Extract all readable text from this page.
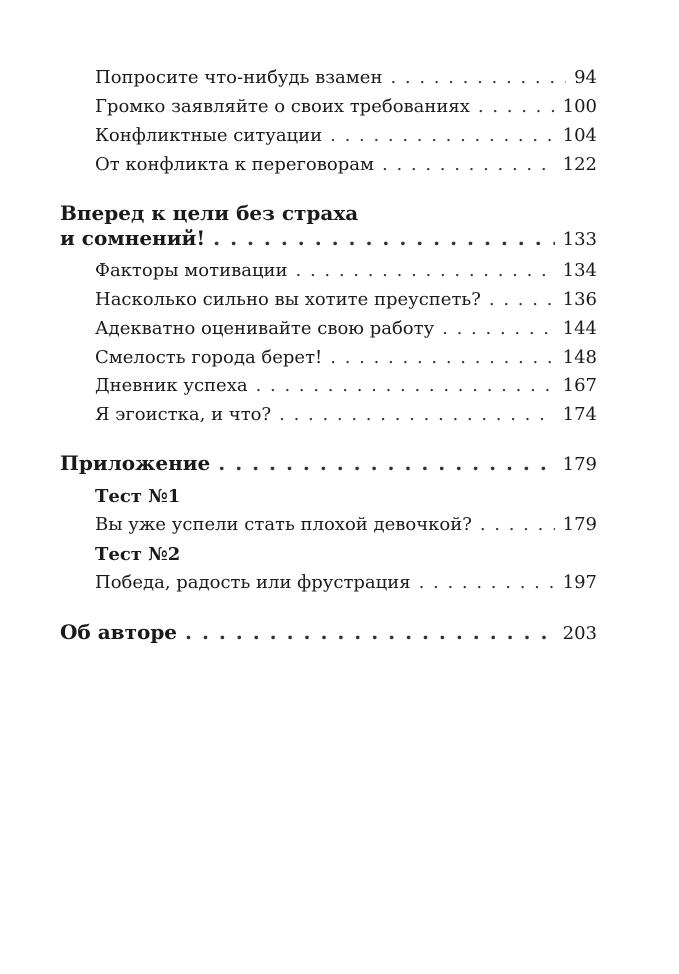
Попросите что-нибудь взамен . . .	94
Громко заявляйте о своих требованиях . . .	100
Конфликтные ситуации . . .	104
От конфликта к переговорам . . .	122
Вперед к цели без страха
и сомнений! . . .	133
Факторы мотивации . . .	134
Насколько сильно вы хотите преуспеть? . . .	136
Адекватно оценивайте свою работу . . .	144
Смелость города берет! . . .	148
Дневник успеха . . .	167
Я эгоистка, и что? . . .	174
Приложение . . .	179
Тест №1
Вы уже успели стать плохой девочкой? . . .	179
Тест №2
Победа, радость или фрустрация . . .	197
Об авторе . . .	203
